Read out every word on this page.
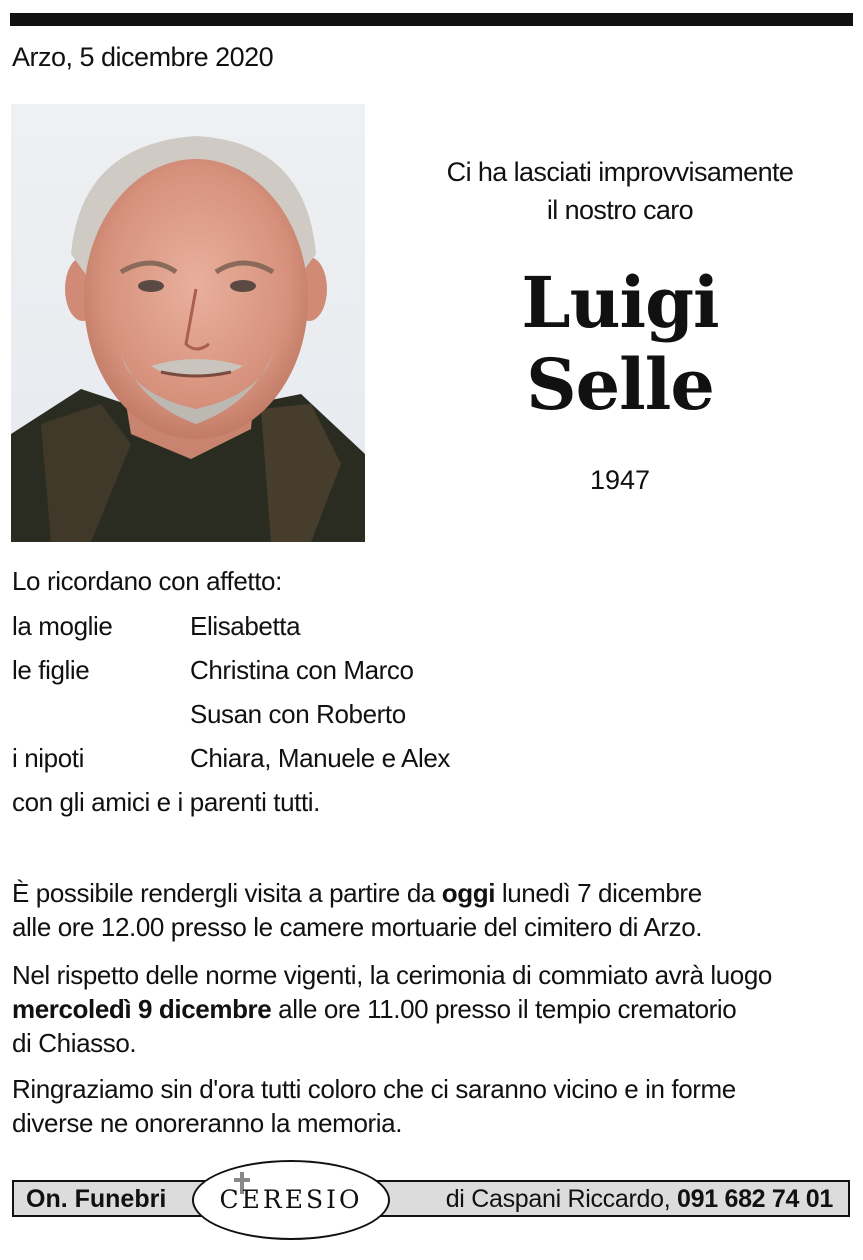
Arzo, 5 dicembre 2020
Ci ha lasciati improvvisamente
il nostro caro
Luigi
Selle
1947
Lo ricordano con affetto:
la moglie	Elisabetta
le figlie	Christina con Marco
Susan con Roberto
i nipoti	Chiara, Manuele e Alex
con gli amici e i parenti tutti.
È possibile rendergli visita a partire da oggi lunedì 7 dicembre
alle ore 12.00 presso le camere mortuarie del cimitero di Arzo.
Nel rispetto delle norme vigenti, la cerimonia di commiato avrà luogo
mercoledì 9 dicembre alle ore 11.00 presso il tempio crematorio
di Chiasso.
Ringraziamo sin d'ora tutti coloro che ci saranno vicino e in forme
diverse ne onoreranno la memoria.
On. Funebri	CERESIO	di Caspani Riccardo, 091 682 74 01
